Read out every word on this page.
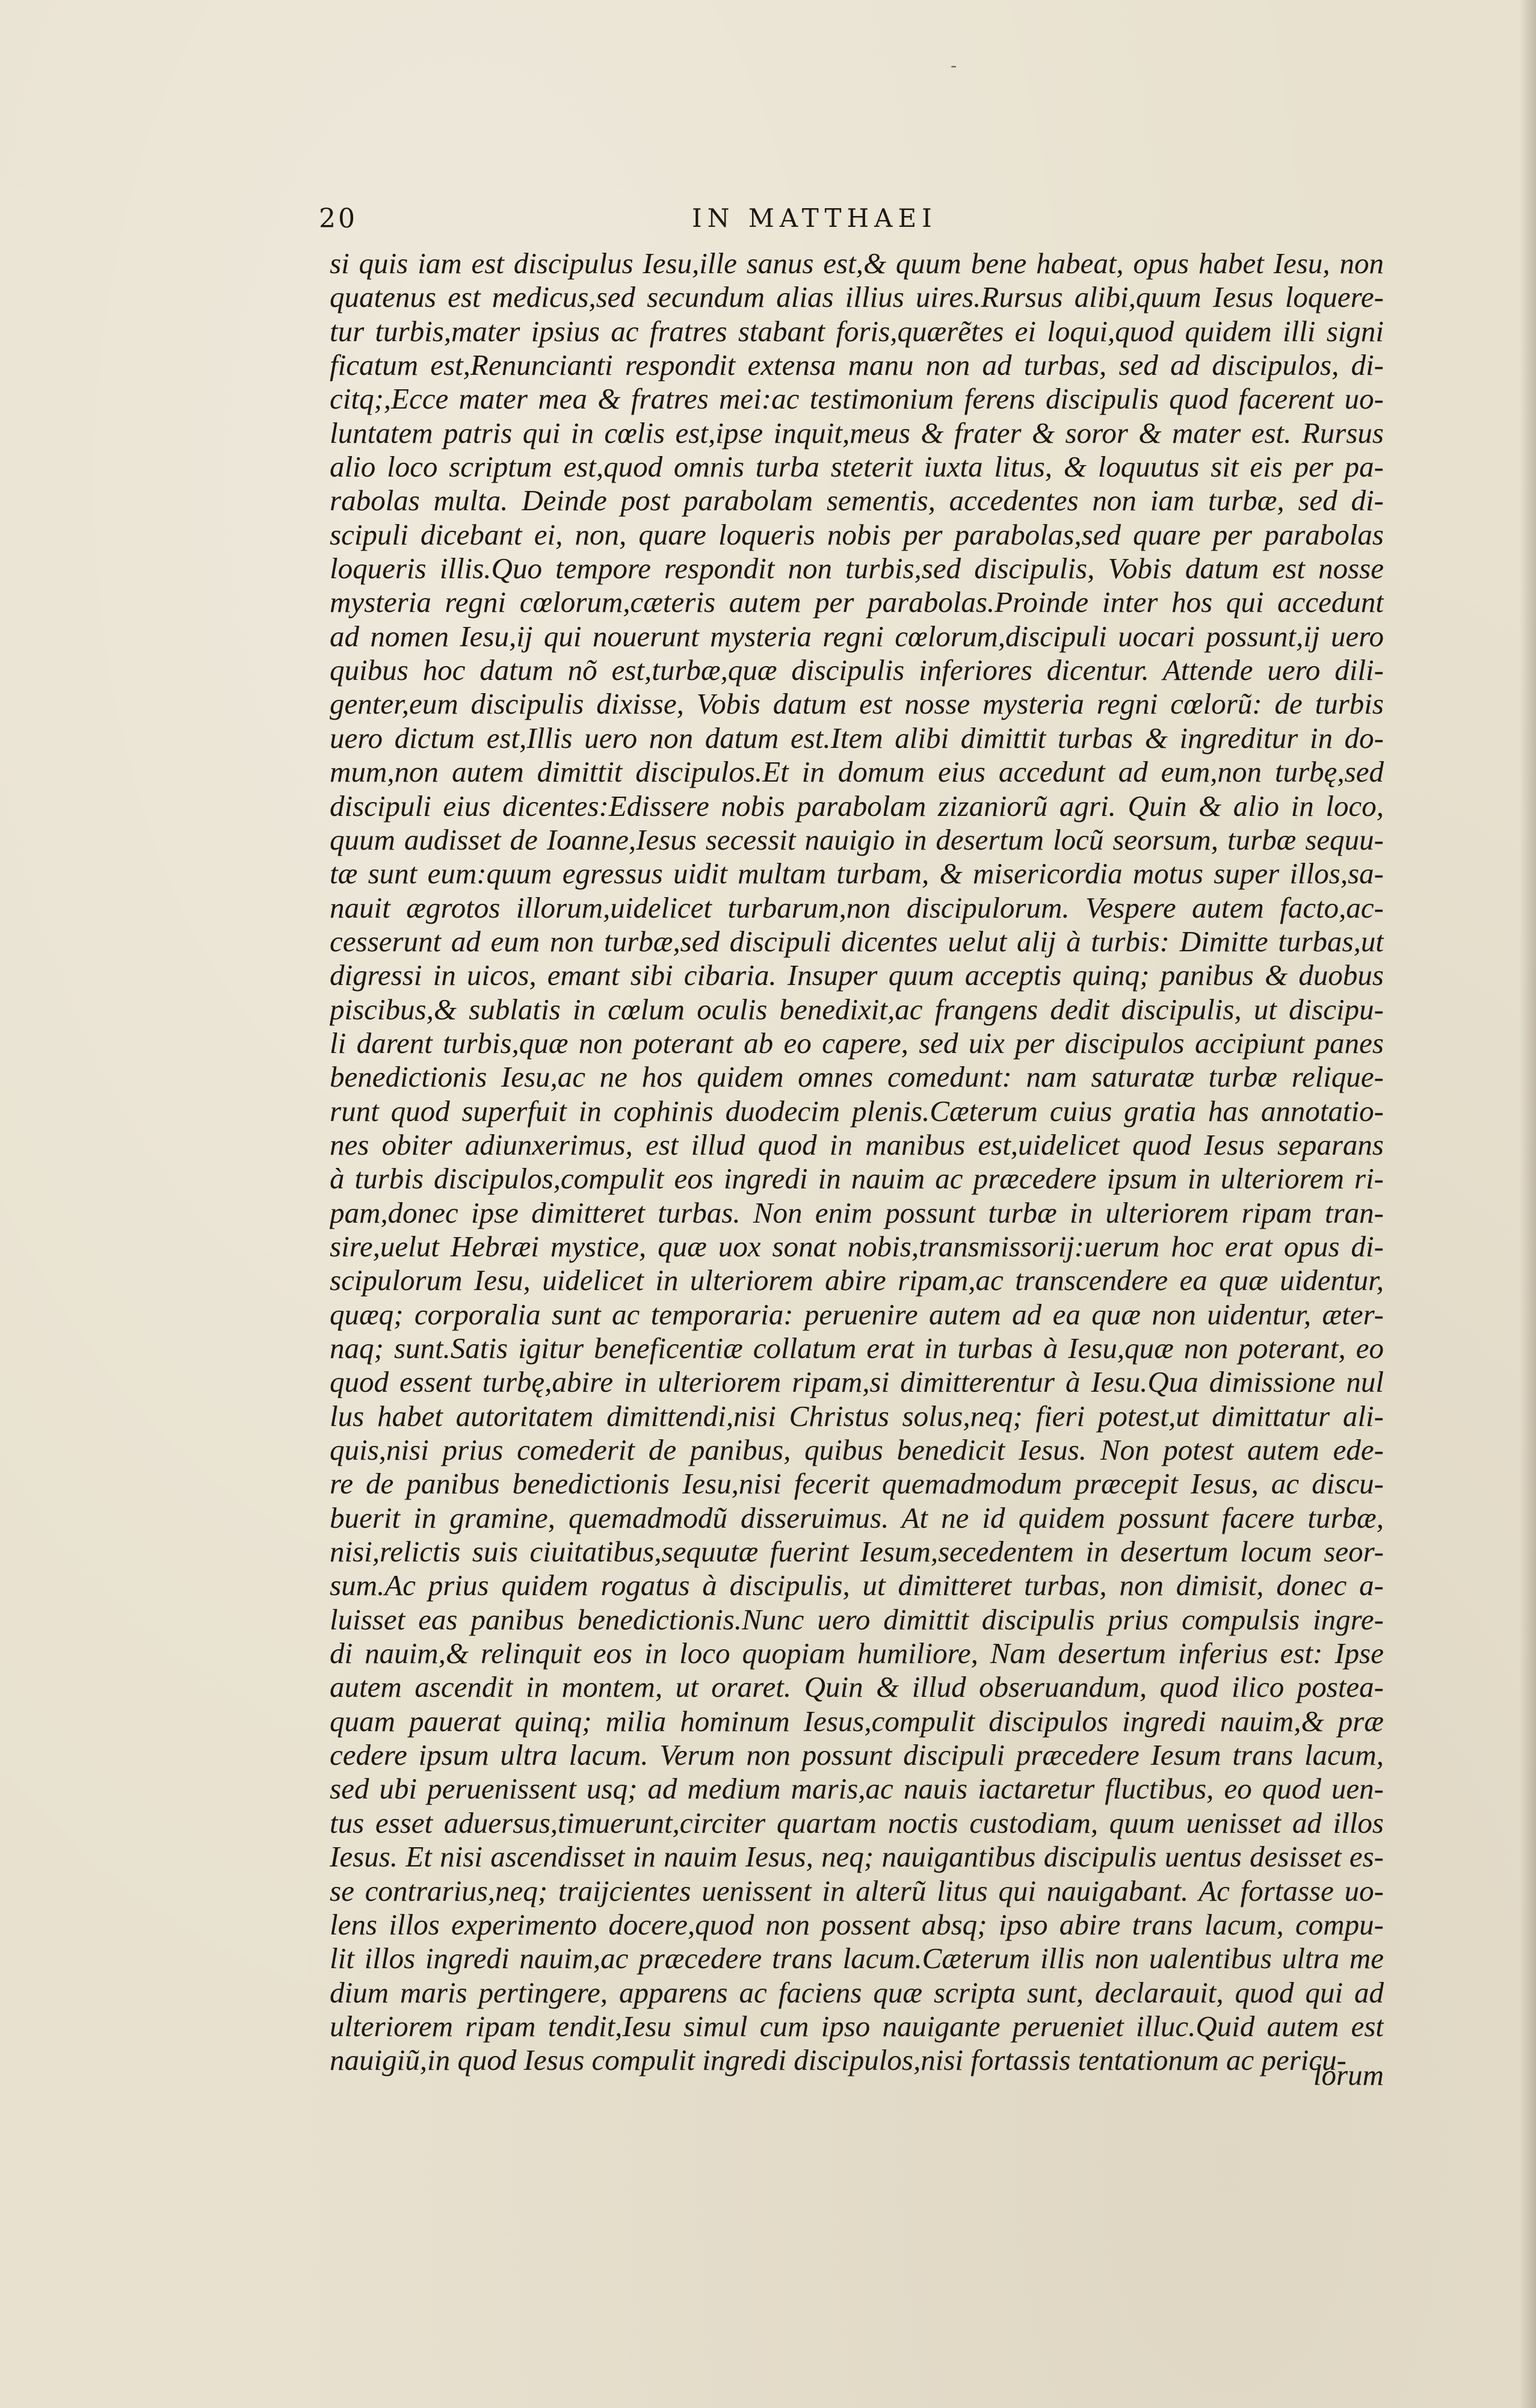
-
20	IN MATTHAEI
si quis iam est discipulus Iesu,ille sanus est,& quum bene habeat, opus habet Iesu, non
quatenus est medicus,sed secundum alias illius uires.Rursus alibi,quum Iesus loquere-
tur turbis,mater ipsius ac fratres stabant foris,quærẽtes ei loqui,quod quidem illi signi
ficatum est,Renuncianti respondit extensa manu non ad turbas, sed ad discipulos, di-
citq;,Ecce mater mea & fratres mei:ac testimonium ferens discipulis quod facerent uo-
luntatem patris qui in cœlis est,ipse inquit,meus & frater & soror & mater est. Rursus
alio loco scriptum est,quod omnis turba steterit iuxta litus, & loquutus sit eis per pa-
rabolas multa. Deinde post parabolam sementis, accedentes non iam turbæ, sed di-
scipuli dicebant ei, non, quare loqueris nobis per parabolas,sed quare per parabolas
loqueris illis.Quo tempore respondit non turbis,sed discipulis, Vobis datum est nosse
mysteria regni cœlorum,cæteris autem per parabolas.Proinde inter hos qui accedunt
ad nomen Iesu,ij qui nouerunt mysteria regni cœlorum,discipuli uocari possunt,ij uero
quibus hoc datum nõ est,turbæ,quæ discipulis inferiores dicentur. Attende uero dili-
genter,eum discipulis dixisse, Vobis datum est nosse mysteria regni cœlorũ: de turbis
uero dictum est,Illis uero non datum est.Item alibi dimittit turbas & ingreditur in do-
mum,non autem dimittit discipulos.Et in domum eius accedunt ad eum,non turbę,sed
discipuli eius dicentes:Edissere nobis parabolam zizaniorũ agri. Quin & alio in loco,
quum audisset de Ioanne,Iesus secessit nauigio in desertum locũ seorsum, turbæ sequu-
tæ sunt eum:quum egressus uidit multam turbam, & misericordia motus super illos,sa-
nauit ægrotos illorum,uidelicet turbarum,non discipulorum. Vespere autem facto,ac-
cesserunt ad eum non turbæ,sed discipuli dicentes uelut alij à turbis: Dimitte turbas,ut
digressi in uicos, emant sibi cibaria. Insuper quum acceptis quinq; panibus & duobus
piscibus,& sublatis in cœlum oculis benedixit,ac frangens dedit discipulis, ut discipu-
li darent turbis,quæ non poterant ab eo capere, sed uix per discipulos accipiunt panes
benedictionis Iesu,ac ne hos quidem omnes comedunt: nam saturatæ turbæ relique-
runt quod superfuit in cophinis duodecim plenis.Cæterum cuius gratia has annotatio-
nes obiter adiunxerimus, est illud quod in manibus est,uidelicet quod Iesus separans
à turbis discipulos,compulit eos ingredi in nauim ac præcedere ipsum in ulteriorem ri-
pam,donec ipse dimitteret turbas. Non enim possunt turbæ in ulteriorem ripam tran-
sire,uelut Hebræi mystice, quæ uox sonat nobis,transmissorij:uerum hoc erat opus di-
scipulorum Iesu, uidelicet in ulteriorem abire ripam,ac transcendere ea quæ uidentur,
quæq; corporalia sunt ac temporaria: peruenire autem ad ea quæ non uidentur, æter-
naq; sunt.Satis igitur beneficentiæ collatum erat in turbas à Iesu,quæ non poterant, eo
quod essent turbę,abire in ulteriorem ripam,si dimitterentur à Iesu.Qua dimissione nul
lus habet autoritatem dimittendi,nisi Christus solus,neq; fieri potest,ut dimittatur ali-
quis,nisi prius comederit de panibus, quibus benedicit Iesus. Non potest autem ede-
re de panibus benedictionis Iesu,nisi fecerit quemadmodum præcepit Iesus, ac discu-
buerit in gramine, quemadmodũ disseruimus. At ne id quidem possunt facere turbæ,
nisi,relictis suis ciuitatibus,sequutæ fuerint Iesum,secedentem in desertum locum seor-
sum.Ac prius quidem rogatus à discipulis, ut dimitteret turbas, non dimisit, donec a-
luisset eas panibus benedictionis.Nunc uero dimittit discipulis prius compulsis ingre-
di nauim,& relinquit eos in loco quopiam humiliore, Nam desertum inferius est: Ipse
autem ascendit in montem, ut oraret. Quin & illud obseruandum, quod ilico postea-
quam pauerat quinq; milia hominum Iesus,compulit discipulos ingredi nauim,& præ
cedere ipsum ultra lacum. Verum non possunt discipuli præcedere Iesum trans lacum,
sed ubi peruenissent usq; ad medium maris,ac nauis iactaretur fluctibus, eo quod uen-
tus esset aduersus,timuerunt,circiter quartam noctis custodiam, quum uenisset ad illos
Iesus. Et nisi ascendisset in nauim Iesus, neq; nauigantibus discipulis uentus desisset es-
se contrarius,neq; traijcientes uenissent in alterũ litus qui nauigabant. Ac fortasse uo-
lens illos experimento docere,quod non possent absq; ipso abire trans lacum, compu-
lit illos ingredi nauim,ac præcedere trans lacum.Cæterum illis non ualentibus ultra me
dium maris pertingere, apparens ac faciens quæ scripta sunt, declarauit, quod qui ad
ulteriorem ripam tendit,Iesu simul cum ipso nauigante perueniet illuc.Quid autem est
nauigiũ,in quod Iesus compulit ingredi discipulos,nisi fortassis tentationum ac pericu-
lorum
